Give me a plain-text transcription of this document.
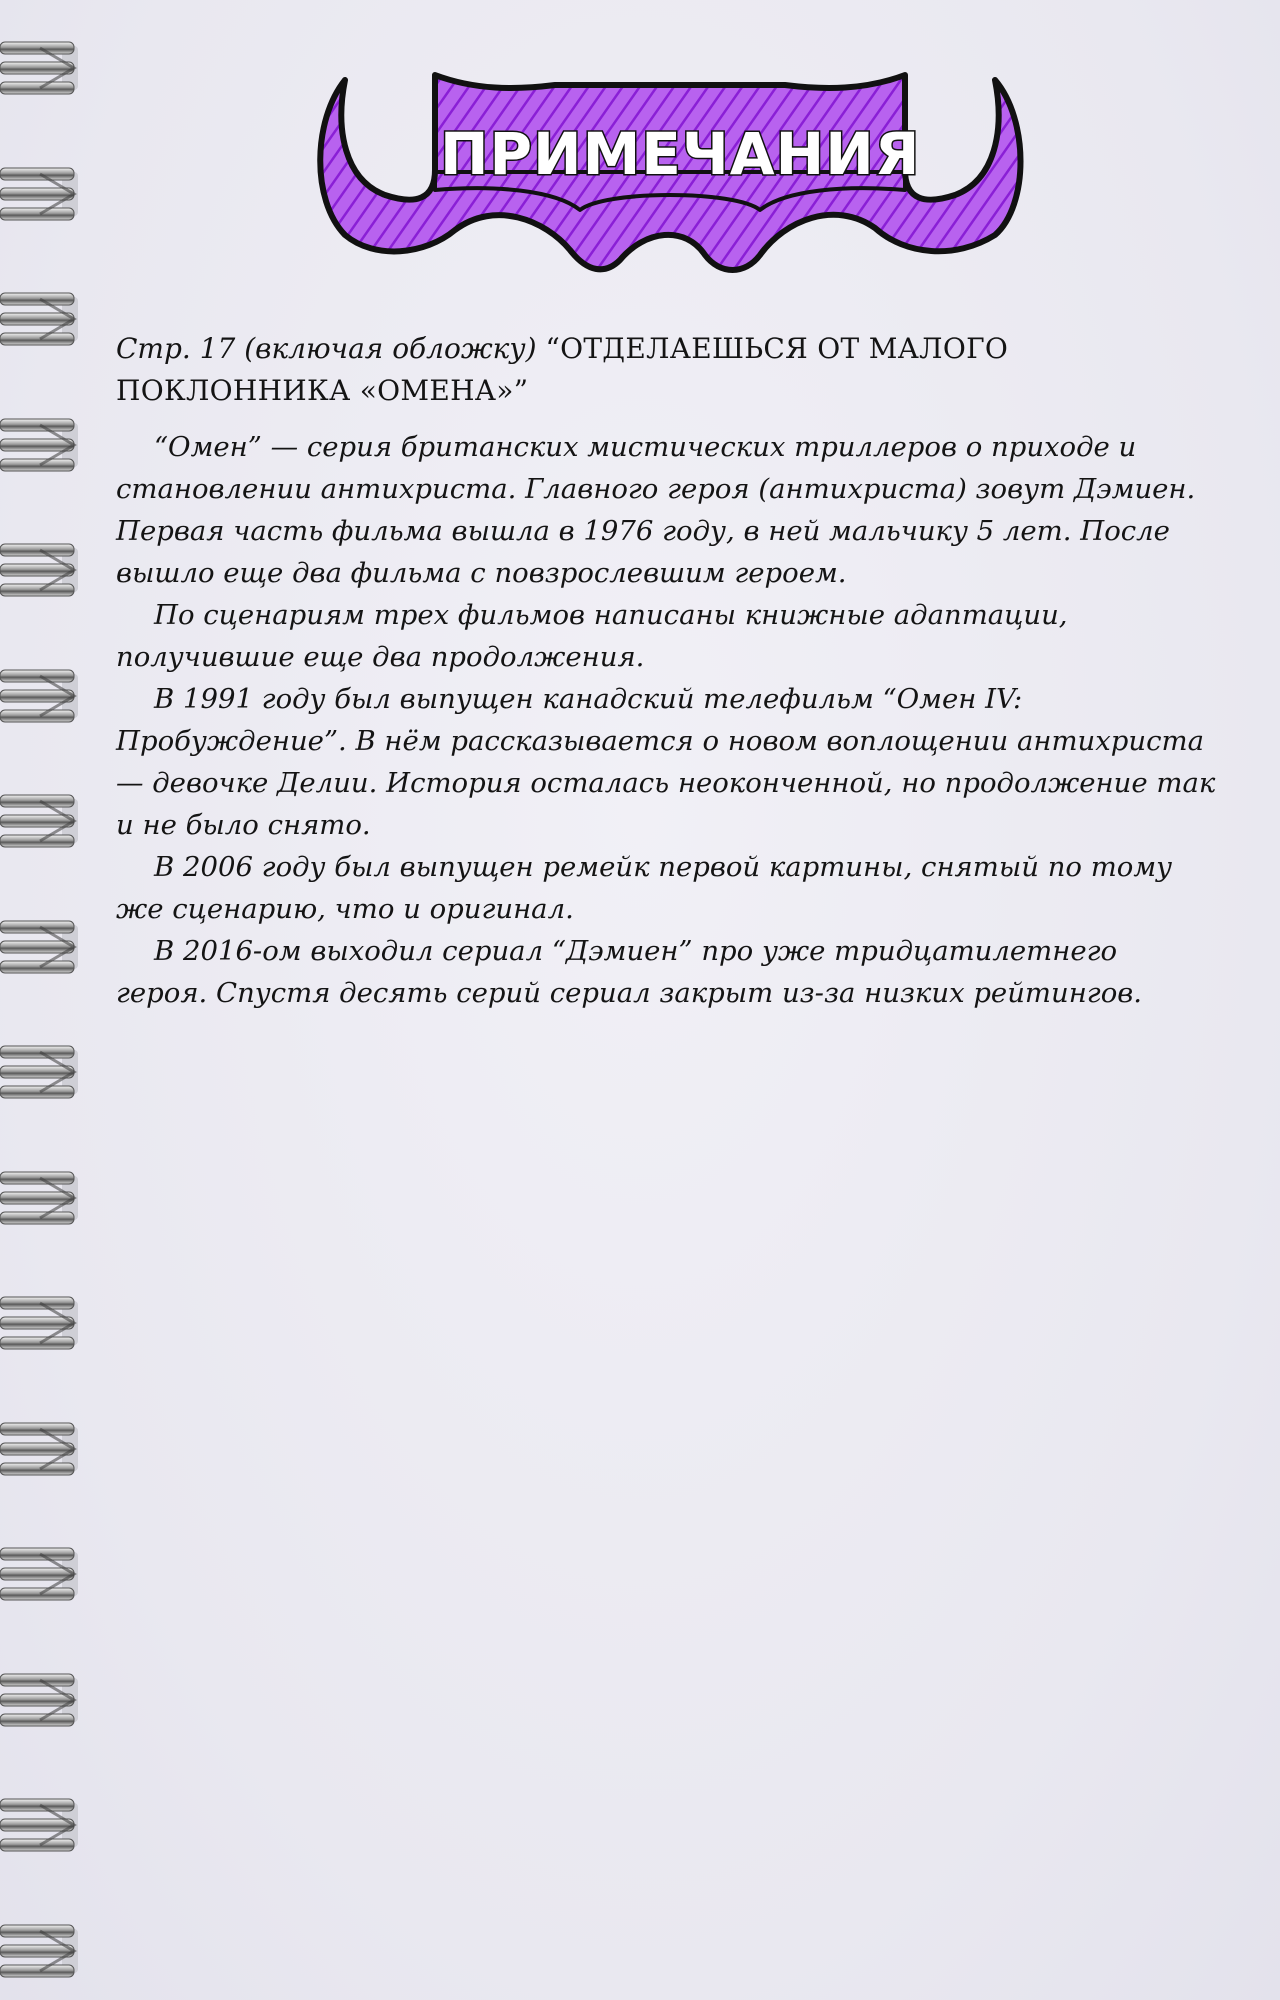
ПРИМЕЧАНИЯ
Стр. 17 (включая обложку) “ОТДЕЛАЕШЬСЯ ОТ МАЛОГО ПОКЛОННИКА «ОМЕНА»”

“Омен” — серия британских мистических триллеров о приходе и становлении антихриста. Главного героя (антихриста) зовут Дэмиен. Первая часть фильма вышла в 1976 году, в ней мальчику 5 лет. После вышло еще два фильма с повзрослевшим героем.

По сценариям трех фильмов написаны книжные адаптации, получившие еще два продолжения.

В 1991 году был выпущен канадский телефильм “Омен IV: Пробуждение”. В нём рассказывается о новом воплощении антихриста — девочке Делии. История осталась неоконченной, но продолжение так и не было снято.

В 2006 году был выпущен ремейк первой картины, снятый по тому же сценарию, что и оригинал.

В 2016-ом выходил сериал “Дэмиен” про уже тридцатилетнего героя. Спустя десять серий сериал закрыт из-за низких рейтингов.
